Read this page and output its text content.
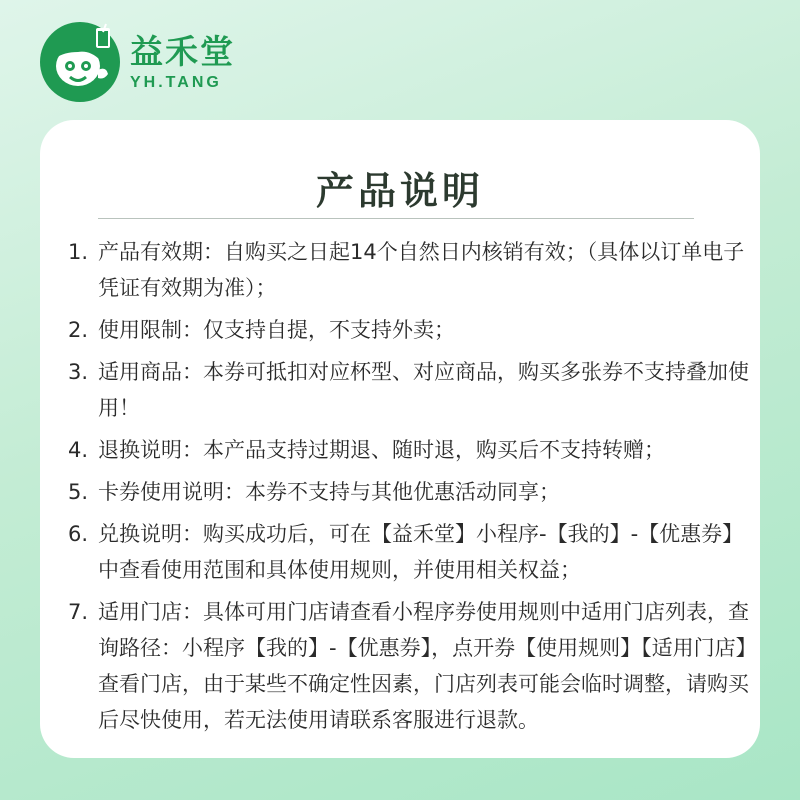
益禾堂
YH.TANG
产品说明
1. 产品有效期：自购买之日起14个自然日内核销有效；（具体以订单电子凭证有效期为准）；
2. 使用限制：仅支持自提，不支持外卖；
3. 适用商品：本券可抵扣对应杯型、对应商品，购买多张券不支持叠加使用！
4. 退换说明：本产品支持过期退、随时退，购买后不支持转赠；
5. 卡券使用说明：本券不支持与其他优惠活动同享；
6. 兑换说明：购买成功后，可在【益禾堂】小程序-【我的】-【优惠券】中查看使用范围和具体使用规则，并使用相关权益；
7. 适用门店：具体可用门店请查看小程序券使用规则中适用门店列表，查询路径：小程序【我的】-【优惠券】，点开券【使用规则】【适用门店】查看门店，由于某些不确定性因素，门店列表可能会临时调整，请购买后尽快使用，若无法使用请联系客服进行退款。
